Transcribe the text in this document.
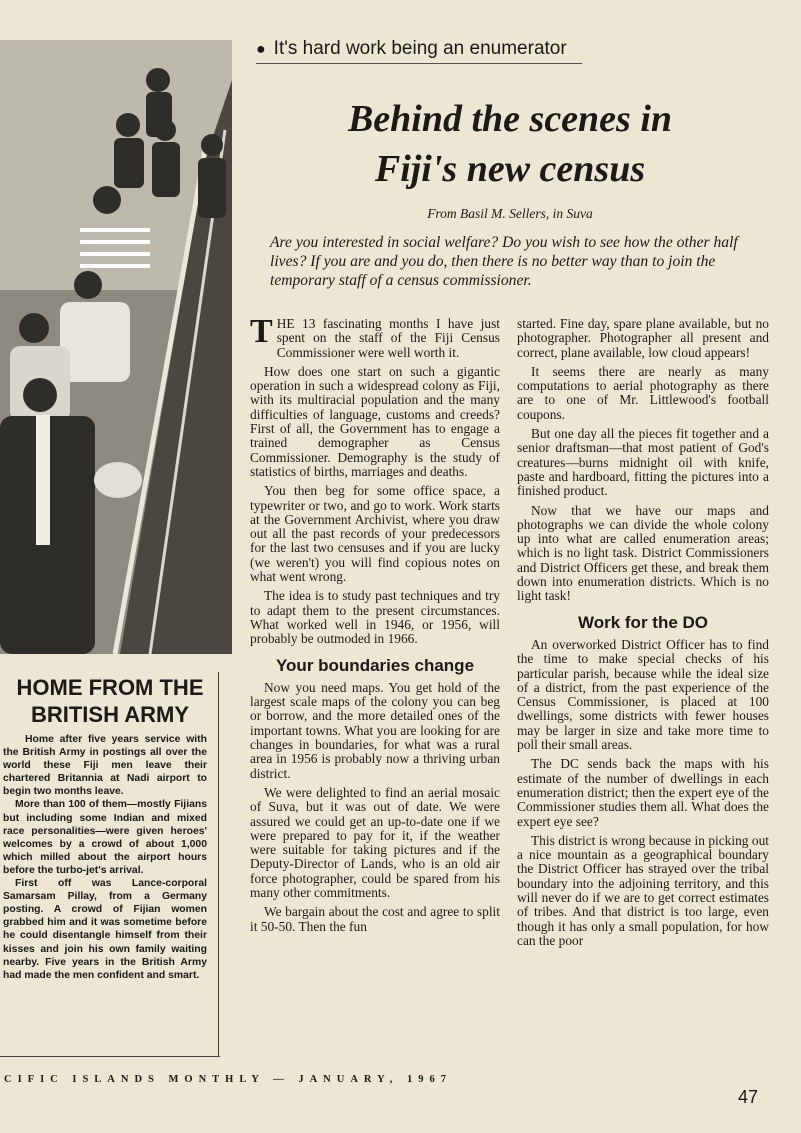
● It's hard work being an enumerator
Behind the scenes in
Fiji's new census
From Basil M. Sellers, in Suva
Are you interested in social welfare? Do you wish to see how the other half lives? If you are and you do, then there is no better way than to join the temporary staff of a census commissioner.
HOME FROM THE BRITISH ARMY

Home after five years service with the British Army in postings all over the world these Fiji men leave their chartered Britannia at Nadi airport to begin two months leave.

More than 100 of them—mostly Fijians but including some Indian and mixed race personalities—were given heroes' welcomes by a crowd of about 1,000 which milled about the airport hours before the turbo-jet's arrival.

First off was Lance-corporal Samarsam Pillay, from a Germany posting. A crowd of Fijian women grabbed him and it was sometime before he could disentangle himself from their kisses and join his own family waiting nearby. Five years in the British Army had made the men confident and smart.

THE 13 fascinating months I have just spent on the staff of the Fiji Census Commissioner were well worth it.

How does one start on such a gigantic operation in such a widespread colony as Fiji, with its multiracial population and the many difficulties of language, customs and creeds? First of all, the Government has to engage a trained demographer as Census Commissioner. Demography is the study of statistics of births, marriages and deaths.

You then beg for some office space, a typewriter or two, and go to work. Work starts at the Government Archivist, where you draw out all the past records of your predecessors for the last two censuses and if you are lucky (we weren't) you will find copious notes on what went wrong.

The idea is to study past techniques and try to adapt them to the present circumstances. What worked well in 1946, or 1956, will probably be outmoded in 1966.

Your boundaries change

Now you need maps. You get hold of the largest scale maps of the colony you can beg or borrow, and the more detailed ones of the important towns. What you are looking for are changes in boundaries, for what was a rural area in 1956 is probably now a thriving urban district.

We were delighted to find an aerial mosaic of Suva, but it was out of date. We were assured we could get an up-to-date one if we were prepared to pay for it, if the weather were suitable for taking pictures and if the Deputy-Director of Lands, who is an old air force photographer, could be spared from his many other commitments.

We bargain about the cost and agree to split it 50-50. Then the fun

started. Fine day, spare plane available, but no photographer. Photographer all present and correct, plane available, low cloud appears!

It seems there are nearly as many computations to aerial photography as there are to one of Mr. Littlewood's football coupons.

But one day all the pieces fit together and a senior draftsman—that most patient of God's creatures—burns midnight oil with knife, paste and hardboard, fitting the pictures into a finished product.

Now that we have our maps and photographs we can divide the whole colony up into what are called enumeration areas; which is no light task. District Commissioners and District Officers get these, and break them down into enumeration districts. Which is no light task!

Work for the DO

An overworked District Officer has to find the time to make special checks of his particular parish, because while the ideal size of a district, from the past experience of the Census Commissioner, is placed at 100 dwellings, some districts with fewer houses may be larger in size and take more time to poll their small areas.

The DC sends back the maps with his estimate of the number of dwellings in each enumeration district; then the expert eye of the Commissioner studies them all. What does the expert eye see?

This district is wrong because in picking out a nice mountain as a geographical boundary the District Officer has strayed over the tribal boundary into the adjoining territory, and this will never do if we are to get correct estimates of tribes. And that district is too large, even though it has only a small population, for how can the poor

CIFIC ISLANDS MONTHLY — JANUARY, 1967
47
